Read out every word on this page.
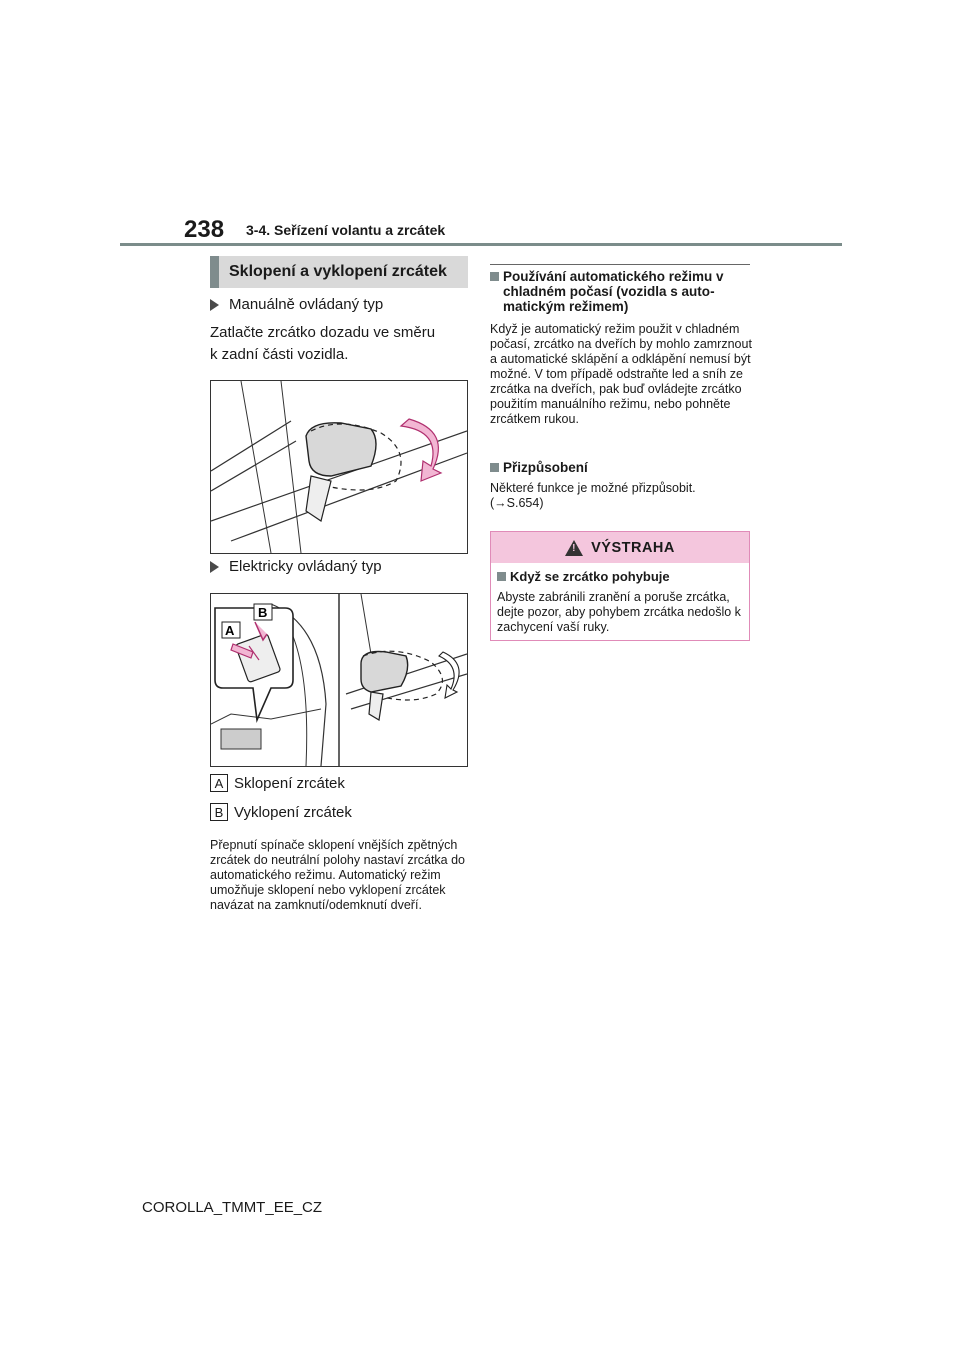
238 3-4. Seřízení volantu a zrcátek
Sklopení a vyklopení zrcátek
Manuálně ovládaný typ
Zatlačte zrcátko dozadu ve směru
k zadní části vozidla.
Elektricky ovládaný typ
A
B
A Sklopení zrcátek
B Vyklopení zrcátek
Přepnutí spínače sklopení vnějších zpětných zrcátek do neutrální polohy nastaví zrcátka do automatického režimu. Automatický režim umožňuje sklopení nebo vyklopení zrcátek navázat na zamknutí/odemknutí dveří.
Používání automatického režimu v chladném počasí (vozidla s automatickým režimem)
Když je automatický režim použit v chladném počasí, zrcátko na dveřích by mohlo zamrznout a automatické sklápění a odklápění nemusí být možné. V tom případě odstraňte led a sníh ze zrcátka na dveřích, pak buď ovládejte zrcátko použitím manuálního režimu, nebo pohněte zrcátkem rukou.
Přizpůsobení
Některé funkce je možné přizpůsobit.
(→S.654)
! VÝSTRAHA
Když se zrcátko pohybuje
Abyste zabránili zranění a poruše zrcátka, dejte pozor, aby pohybem zrcátka nedošlo k zachycení vaší ruky.
COROLLA_TMMT_EE_CZ
